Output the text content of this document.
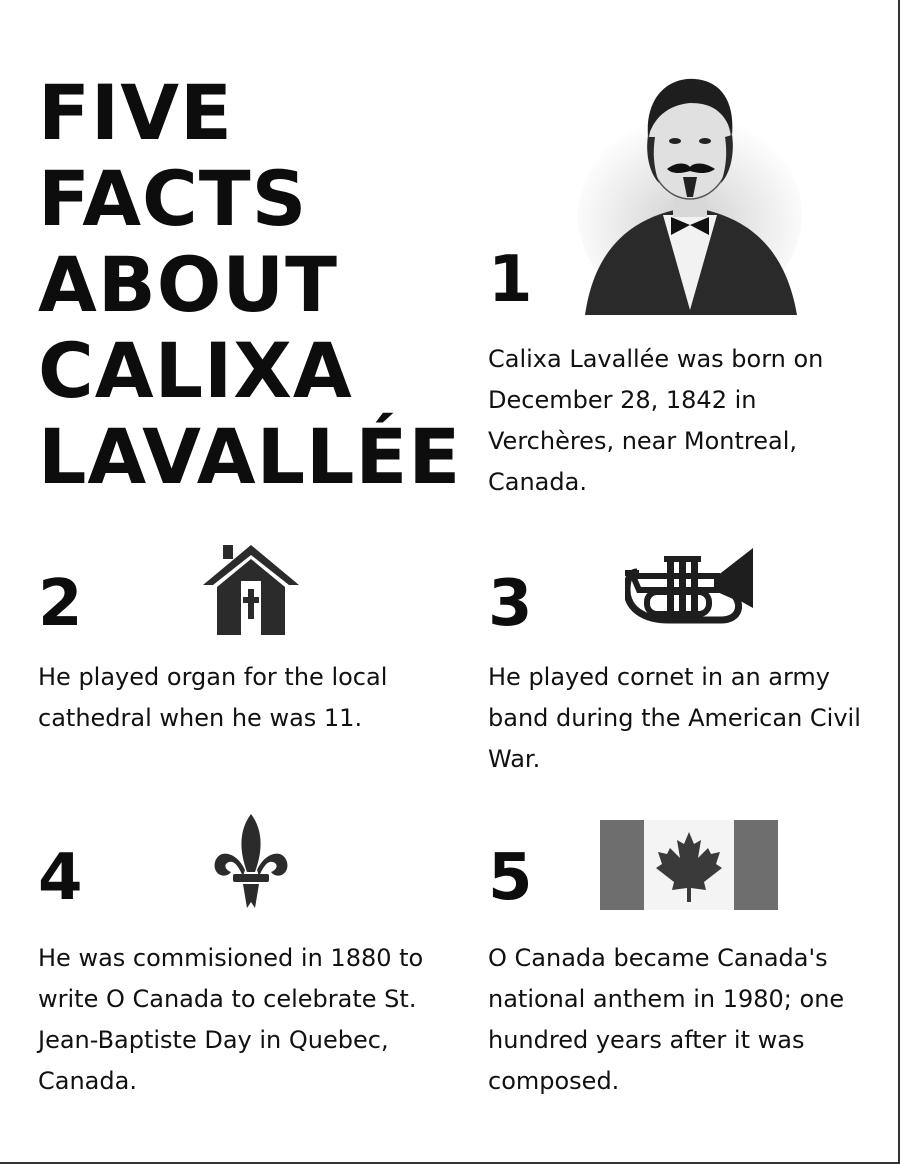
FIVE
FACTS
ABOUT
CALIXA
LAVALLÉE
1

Calixa Lavallée was born on December 28, 1842 in Verchères, near Montreal, Canada.

2

He played organ for the local cathedral when he was 11.

3

He played cornet in an army band during the American Civil War.

4

He was commisioned in 1880 to write O Canada to celebrate St. Jean-Baptiste Day in Quebec, Canada.

5

O Canada became Canada's national anthem in 1980; one hundred years after it was composed.
